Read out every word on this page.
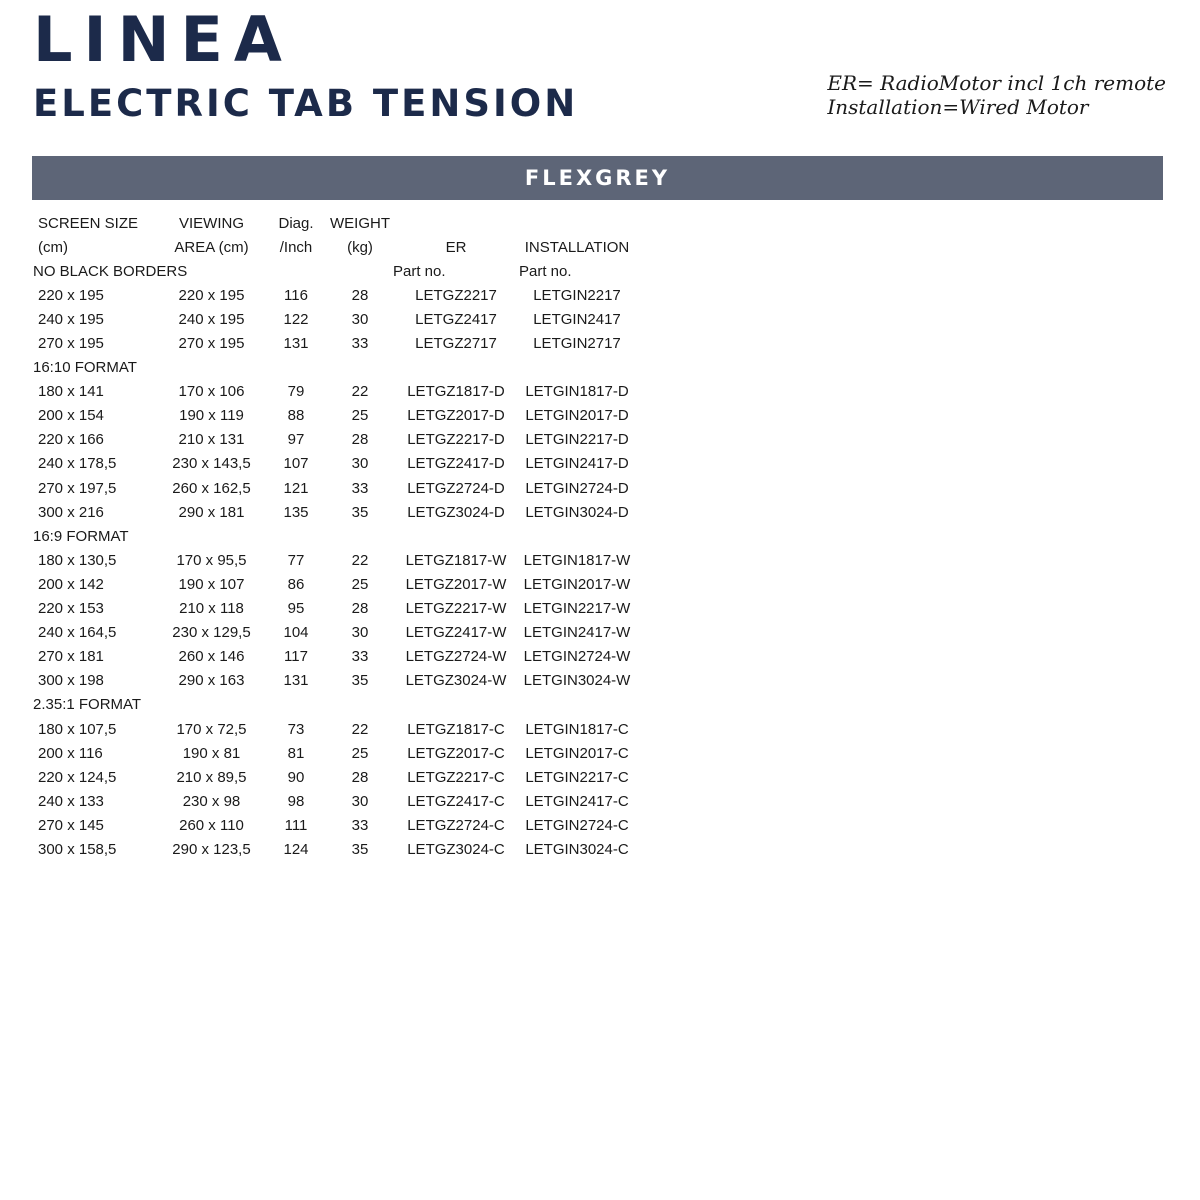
LINEA
ELECTRIC TAB TENSION	ER= RadioMotor incl 1ch remote
Installation=Wired Motor
FLEXGREY
SCREEN SIZE	VIEWING	Diag.	WEIGHT		
(cm)	AREA (cm)	/Inch	(kg)	ER	INSTALLATION
NO BLACK BORDERS				Part no.	Part no.
220 x 195	220 x 195	116	28	LETGZ2217	LETGIN2217
240 x 195	240 x 195	122	30	LETGZ2417	LETGIN2417
270 x 195	270 x 195	131	33	LETGZ2717	LETGIN2717
16:10 FORMAT					
180 x 141	170 x 106	79	22	LETGZ1817-D	LETGIN1817-D
200 x 154	190 x 119	88	25	LETGZ2017-D	LETGIN2017-D
220 x 166	210 x 131	97	28	LETGZ2217-D	LETGIN2217-D
240 x 178,5	230 x 143,5	107	30	LETGZ2417-D	LETGIN2417-D
270 x 197,5	260 x 162,5	121	33	LETGZ2724-D	LETGIN2724-D
300 x 216	290 x 181	135	35	LETGZ3024-D	LETGIN3024-D
16:9 FORMAT					
180 x 130,5	170 x 95,5	77	22	LETGZ1817-W	LETGIN1817-W
200 x 142	190 x 107	86	25	LETGZ2017-W	LETGIN2017-W
220 x 153	210 x 118	95	28	LETGZ2217-W	LETGIN2217-W
240 x 164,5	230 x 129,5	104	30	LETGZ2417-W	LETGIN2417-W
270 x 181	260 x 146	117	33	LETGZ2724-W	LETGIN2724-W
300 x 198	290 x 163	131	35	LETGZ3024-W	LETGIN3024-W
2.35:1 FORMAT					
180 x 107,5	170 x 72,5	73	22	LETGZ1817-C	LETGIN1817-C
200 x 116	190 x 81	81	25	LETGZ2017-C	LETGIN2017-C
220 x 124,5	210 x 89,5	90	28	LETGZ2217-C	LETGIN2217-C
240 x 133	230 x 98	98	30	LETGZ2417-C	LETGIN2417-C
270 x 145	260 x 110	111	33	LETGZ2724-C	LETGIN2724-C
300 x 158,5	290 x 123,5	124	35	LETGZ3024-C	LETGIN3024-C
